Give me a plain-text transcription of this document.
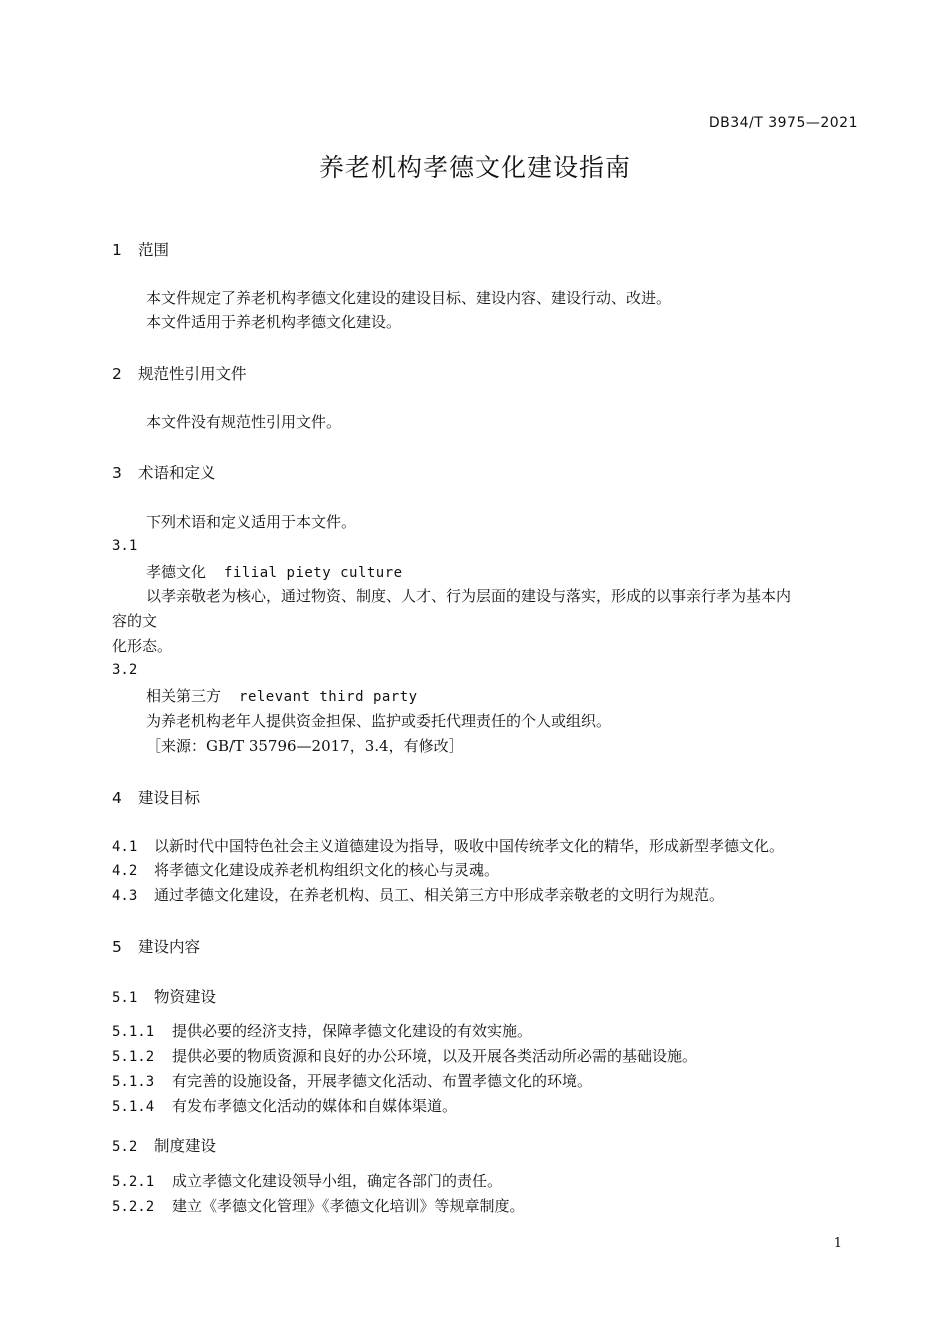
DB34/T 3975—2021
养老机构孝德文化建设指南
1 范围
本文件规定了养老机构孝德文化建设的建设目标、建设内容、建设行动、改进。
本文件适用于养老机构孝德文化建设。
2 规范性引用文件
本文件没有规范性引用文件。
3 术语和定义
下列术语和定义适用于本文件。
3.1
孝德文化 filial piety culture
以孝亲敬老为核心，通过物资、制度、人才、行为层面的建设与落实，形成的以事亲行孝为基本内
容的文
化形态。
3.2
相关第三方 relevant third party
为养老机构老年人提供资金担保、监护或委托代理责任的个人或组织。
［来源：GB/T 35796—2017，3.4，有修改］
4 建设目标
4.1 以新时代中国特色社会主义道德建设为指导，吸收中国传统孝文化的精华，形成新型孝德文化。
4.2 将孝德文化建设成养老机构组织文化的核心与灵魂。
4.3 通过孝德文化建设，在养老机构、员工、相关第三方中形成孝亲敬老的文明行为规范。
5 建设内容
5.1 物资建设
5.1.1 提供必要的经济支持，保障孝德文化建设的有效实施。
5.1.2 提供必要的物质资源和良好的办公环境，以及开展各类活动所必需的基础设施。
5.1.3 有完善的设施设备，开展孝德文化活动、布置孝德文化的环境。
5.1.4 有发布孝德文化活动的媒体和自媒体渠道。
5.2 制度建设
5.2.1 成立孝德文化建设领导小组，确定各部门的责任。
5.2.2 建立《孝德文化管理》《孝德文化培训》等规章制度。
1
